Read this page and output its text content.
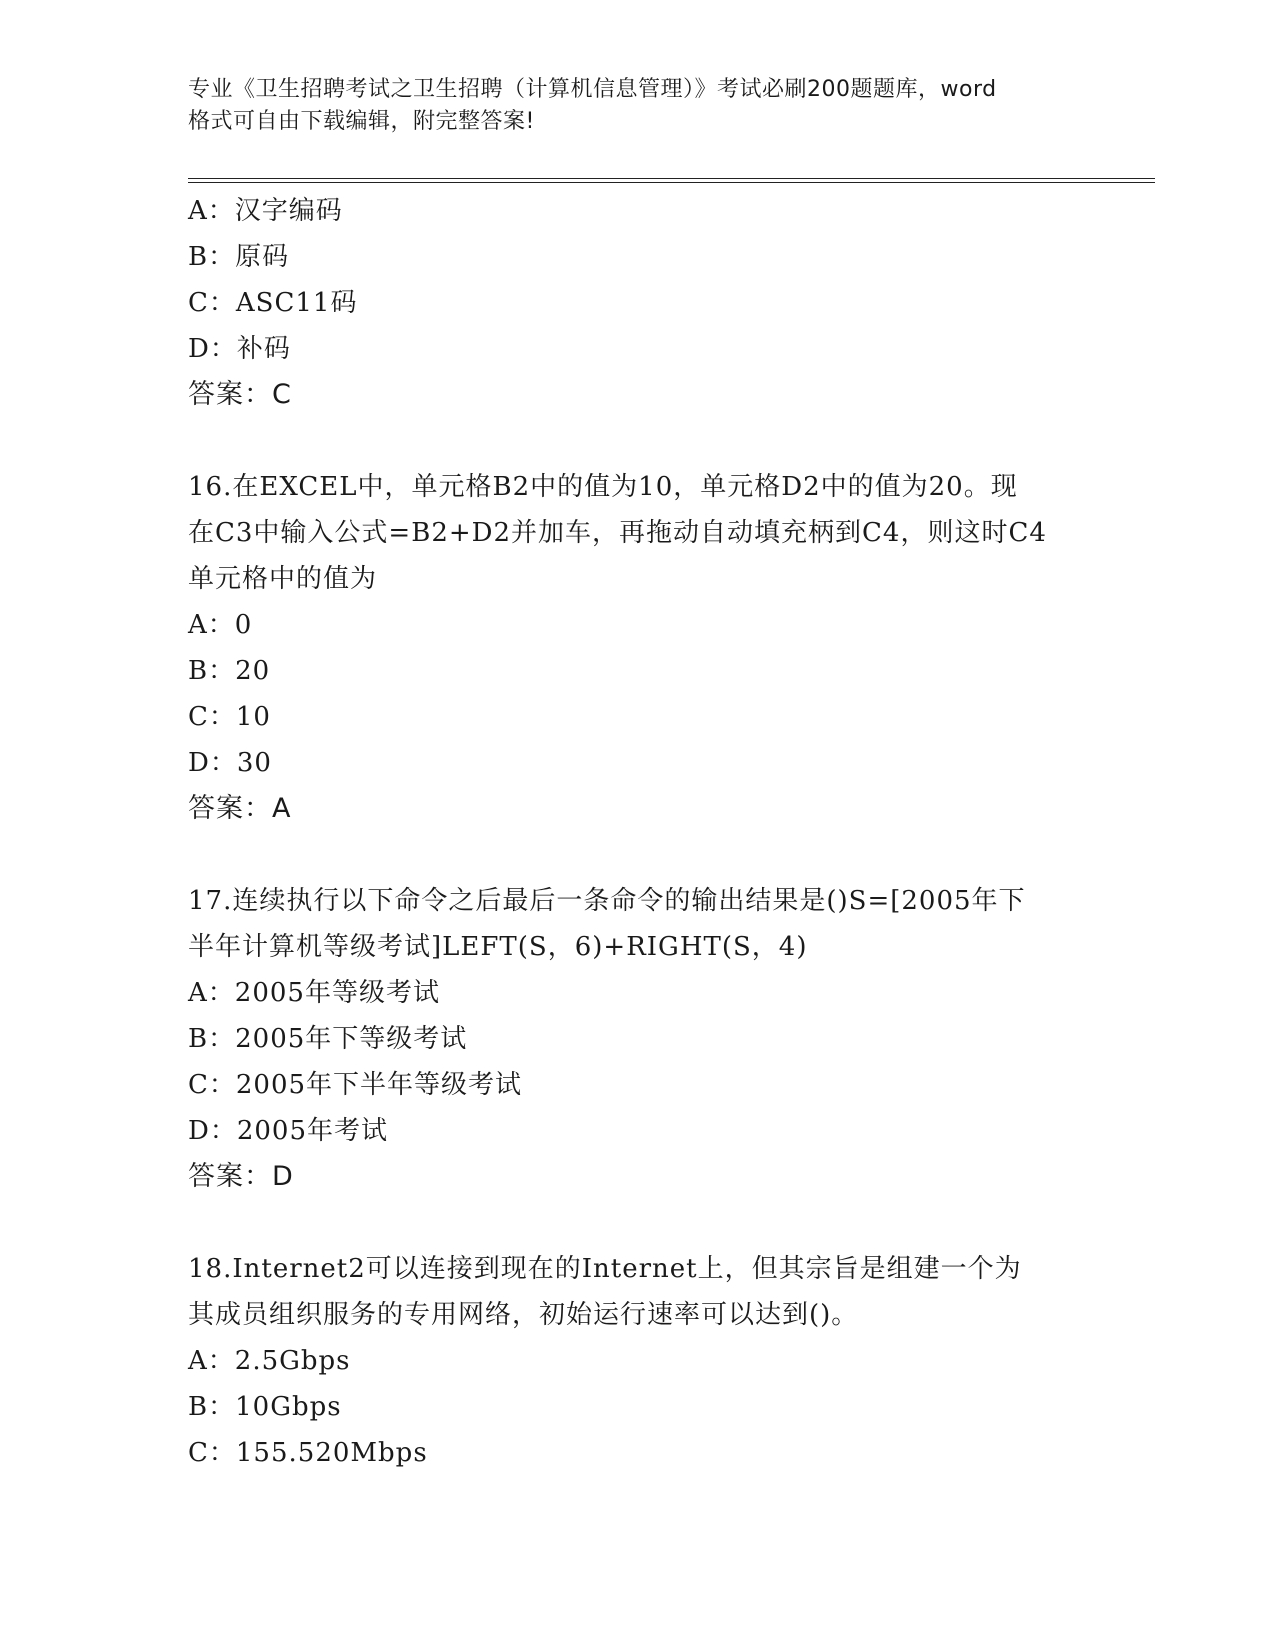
专业《卫生招聘考试之卫生招聘（计算机信息管理）》考试必刷200题题库，word
格式可自由下载编辑，附完整答案!
A：汉字编码
B：原码
C：ASC11码
D：补码
答案：C
16.在EXCEL中，单元格B2中的值为10，单元格D2中的值为20。现
在C3中输入公式=B2+D2并加车，再拖动自动填充柄到C4，则这时C4
单元格中的值为
A：0
B：20
C：10
D：30
答案：A
17.连续执行以下命令之后最后一条命令的输出结果是()S=[2005年下
半年计算机等级考试]LEFT(S，6)+RIGHT(S，4)
A：2005年等级考试
B：2005年下等级考试
C：2005年下半年等级考试
D：2005年考试
答案：D
18.Internet2可以连接到现在的Internet上，但其宗旨是组建一个为
其成员组织服务的专用网络，初始运行速率可以达到()。
A：2.5Gbps
B：10Gbps
C：155.520Mbps
